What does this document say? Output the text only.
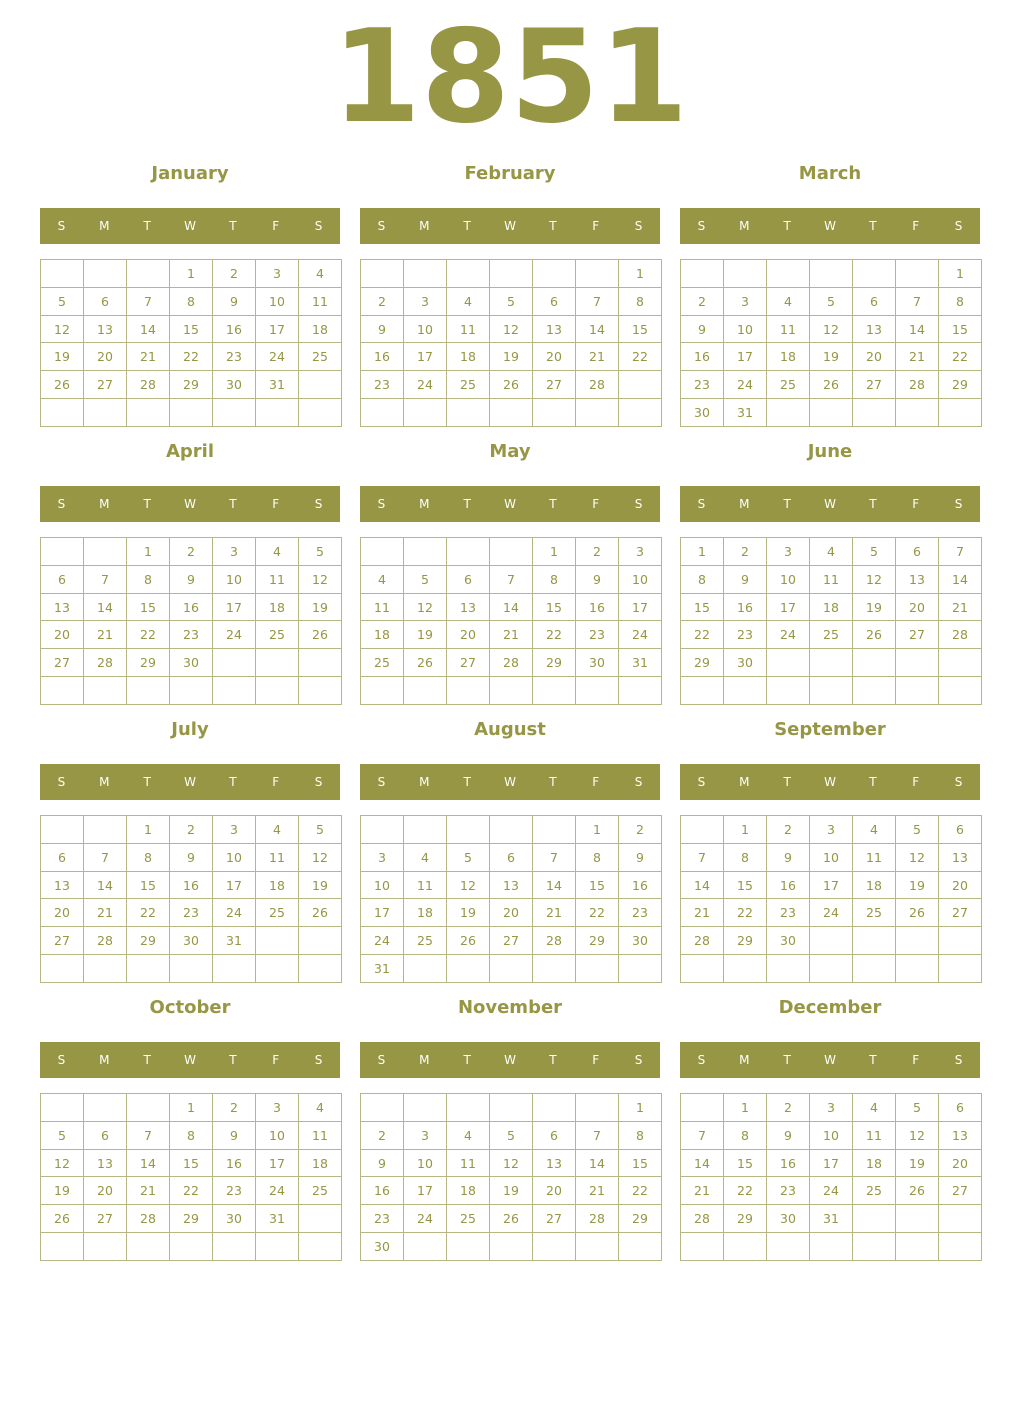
1851
January
S	M	T	W	T	F	S
			1	2	3	4
5	6	7	8	9	10	11
12	13	14	15	16	17	18
19	20	21	22	23	24	25
26	27	28	29	30	31	

February
S	M	T	W	T	F	S
						1
2	3	4	5	6	7	8
9	10	11	12	13	14	15
16	17	18	19	20	21	22
23	24	25	26	27	28	

March
S	M	T	W	T	F	S
						1
2	3	4	5	6	7	8
9	10	11	12	13	14	15
16	17	18	19	20	21	22
23	24	25	26	27	28	29
30	31					
April
S	M	T	W	T	F	S
		1	2	3	4	5
6	7	8	9	10	11	12
13	14	15	16	17	18	19
20	21	22	23	24	25	26
27	28	29	30			

May
S	M	T	W	T	F	S
				1	2	3
4	5	6	7	8	9	10
11	12	13	14	15	16	17
18	19	20	21	22	23	24
25	26	27	28	29	30	31

June
S	M	T	W	T	F	S
1	2	3	4	5	6	7
8	9	10	11	12	13	14
15	16	17	18	19	20	21
22	23	24	25	26	27	28
29	30					

July
S	M	T	W	T	F	S
		1	2	3	4	5
6	7	8	9	10	11	12
13	14	15	16	17	18	19
20	21	22	23	24	25	26
27	28	29	30	31		

August
S	M	T	W	T	F	S
					1	2
3	4	5	6	7	8	9
10	11	12	13	14	15	16
17	18	19	20	21	22	23
24	25	26	27	28	29	30
31						
September
S	M	T	W	T	F	S
	1	2	3	4	5	6
7	8	9	10	11	12	13
14	15	16	17	18	19	20
21	22	23	24	25	26	27
28	29	30				

October
S	M	T	W	T	F	S
			1	2	3	4
5	6	7	8	9	10	11
12	13	14	15	16	17	18
19	20	21	22	23	24	25
26	27	28	29	30	31	

November
S	M	T	W	T	F	S
						1
2	3	4	5	6	7	8
9	10	11	12	13	14	15
16	17	18	19	20	21	22
23	24	25	26	27	28	29
30						
December
S	M	T	W	T	F	S
	1	2	3	4	5	6
7	8	9	10	11	12	13
14	15	16	17	18	19	20
21	22	23	24	25	26	27
28	29	30	31			
